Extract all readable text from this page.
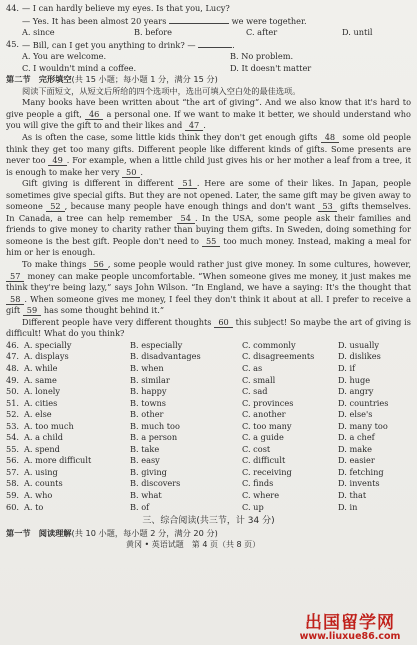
44. — I can hardly believe my eyes. Is that you, Lucy?
— Yes. It has been almost 20 years	we were together.
A. since	B. before	C. after	D. until
45. — Bill, can I get you anything to drink? —	.
A. You are welcome.	B. No problem.
C. I wouldn't mind a coffee.	D. It doesn't matter
第二节　完形填空(共 15 小题；每小题 1 分，满分 15 分)
阅读下面短文，从短文后所给的四个选项中，选出可填入空白处的最佳选项。
Many books have been written about “the art of giving”. And we also know that it's hard to give people a gift, 46 a personal one. If we want to make it better, we should understand who you will give the gift to and their likes and 47 .
As is often the case, some little kids think they don't get enough gifts 48 some old people think they get too many gifts. Different people like different kinds of gifts. Some presents are never too 49 . For example, when a little child just gives his or her mother a leaf from a tree, it is enough to make her very 50 .
Gift giving is different in different 51 . Here are some of their likes. In Japan, people sometimes give special gifts. But they are not opened. Later, the same gift may be given away to someone 52 , because many people have enough things and don't want 53 gifts themselves. In Canada, a tree can help remember 54 . In the USA, some people ask their families and friends to give money to charity rather than buying them gifts. In Sweden, doing something for someone is the best gift. People don't need to 55 too much money. Instead, making a meal for him or her is enough.
To make things 56 , some people would rather just give money. In some cultures, however, 57 money can make people uncomfortable. “When someone gives me money, it just makes me think they're being lazy,” says John Wilson. “In England, we have a saying: It's the thought that 58 . When someone gives me money, I feel they don't think it about at all. I prefer to receive a gift 59 has some thought behind it.”
Different people have very different thoughts 60 this subject! So maybe the art of giving is difficult! What do you think?
46. A. specially	B. especially	C. commonly	D. usually
47. A. displays	B. disadvantages	C. disagreements	D. dislikes
48. A. while	B. when	C. as	D. if
49. A. same	B. similar	C. small	D. huge
50. A. lonely	B. happy	C. sad	D. angry
51. A. cities	B. towns	C. provinces	D. countries
52. A. else	B. other	C. another	D. else's
53. A. too much	B. much too	C. too many	D. many too
54. A. a child	B. a person	C. a guide	D. a chef
55. A. spend	B. take	C. cost	D. make
56. A. more difficult	B. easy	C. difficult	D. easier
57. A. using	B. giving	C. receiving	D. fetching
58. A. counts	B. discovers	C. finds	D. invents
59. A. who	B. what	C. where	D. that
60. A. to	B. of	C. up	D. in
三、综合阅读(共三节，计 34 分)
第一节　阅读理解(共 10 小题，每小题 2 分，满分 20 分)
黄冈 • 英语试题　第 4 页（共 8 页）
出国留学网
www.liuxue86.com
